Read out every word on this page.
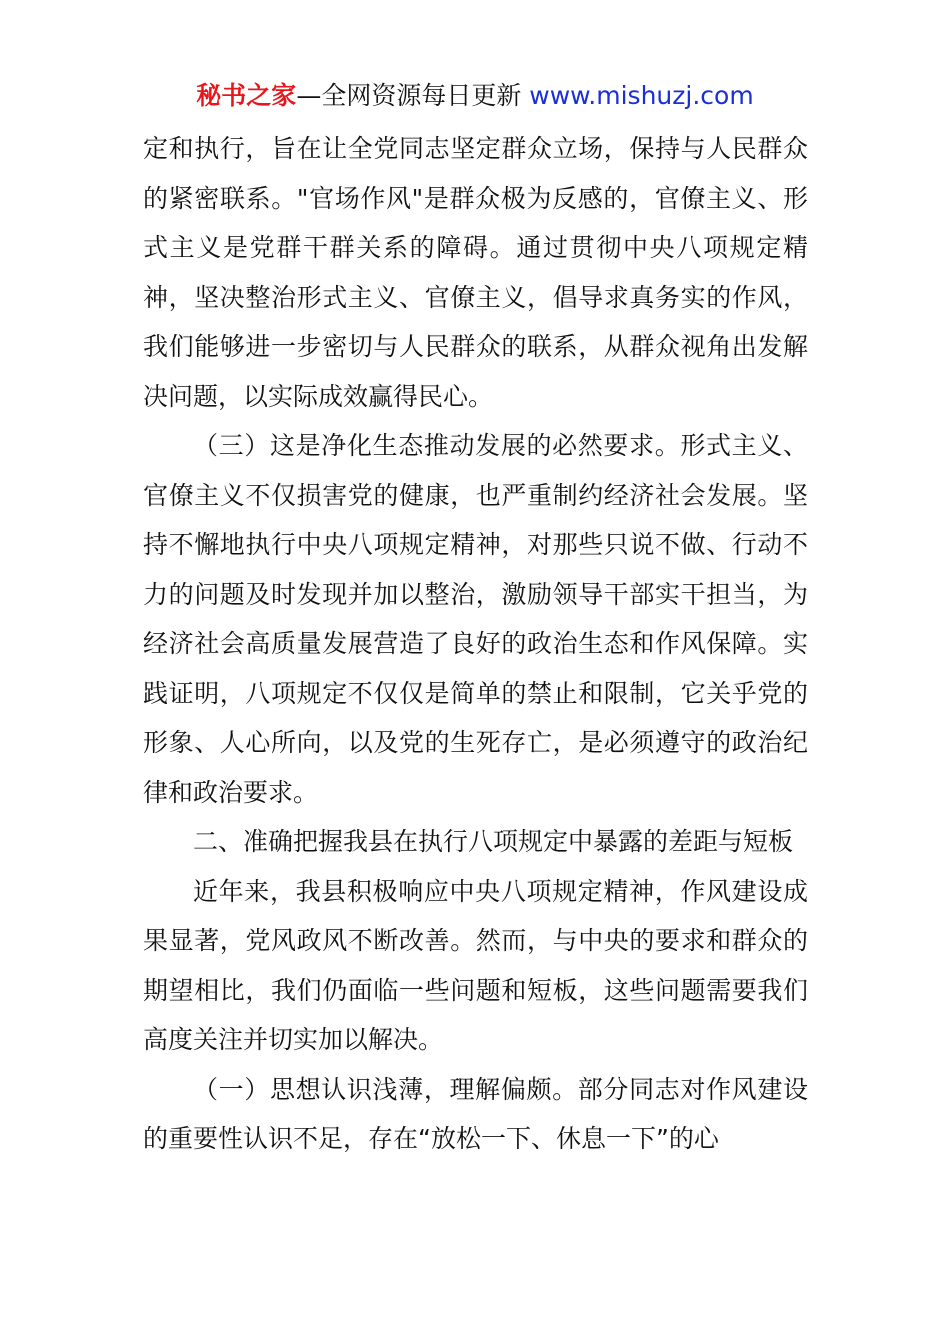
秘书之家—全网资源每日更新 www.mishuzj.com

定和执行，旨在让全党同志坚定群众立场，保持与人民群众的紧密联系。"官场作风"是群众极为反感的，官僚主义、形式主义是党群干群关系的障碍。通过贯彻中央八项规定精神，坚决整治形式主义、官僚主义，倡导求真务实的作风，我们能够进一步密切与人民群众的联系，从群众视角出发解决问题，以实际成效赢得民心。

（三）这是净化生态推动发展的必然要求。形式主义、官僚主义不仅损害党的健康，也严重制约经济社会发展。坚持不懈地执行中央八项规定精神，对那些只说不做、行动不力的问题及时发现并加以整治，激励领导干部实干担当，为经济社会高质量发展营造了良好的政治生态和作风保障。实践证明，八项规定不仅仅是简单的禁止和限制，它关乎党的形象、人心所向，以及党的生死存亡，是必须遵守的政治纪律和政治要求。

二、准确把握我县在执行八项规定中暴露的差距与短板

近年来，我县积极响应中央八项规定精神，作风建设成果显著，党风政风不断改善。然而，与中央的要求和群众的期望相比，我们仍面临一些问题和短板，这些问题需要我们高度关注并切实加以解决。

（一）思想认识浅薄，理解偏颇。部分同志对作风建设的重要性认识不足，存在“放松一下、休息一下”的心
